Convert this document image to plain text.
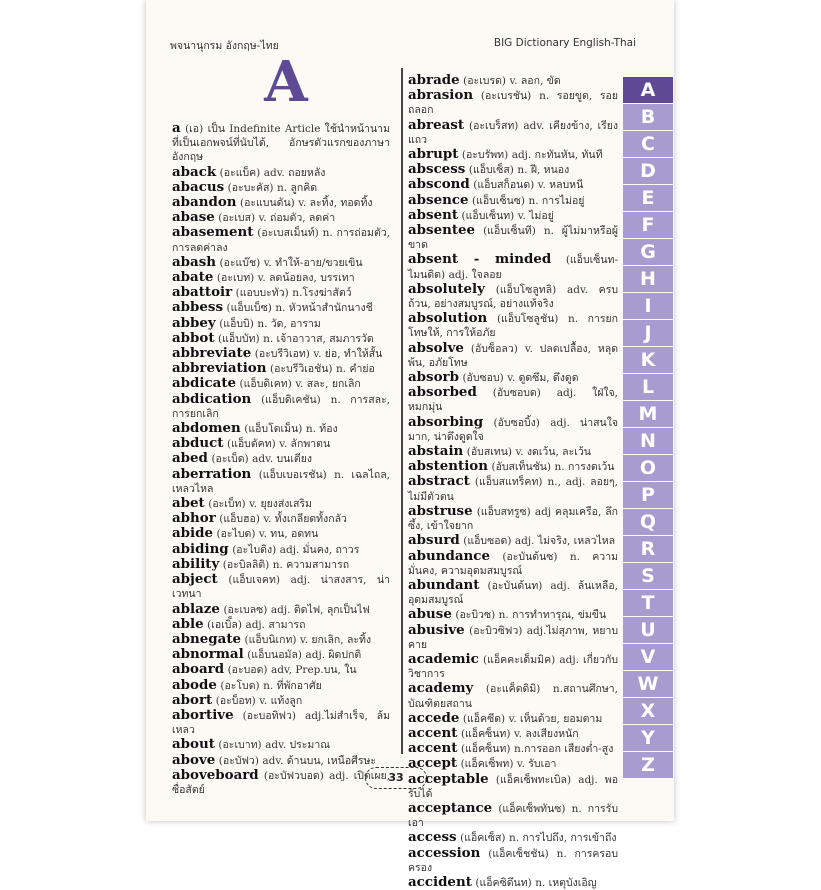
พจนานุกรม อังกฤษ-ไทย	BIG Dictionary English-Thai
A
a (เอ) เป็น Indefinite Article ใช้นำหน้านามที่เป็นเอกพจน์ที่นับได้, อักษรตัวแรกของภาษาอังกฤษ
aback (อะแบ็ค) adv. ถอยหลัง
abacus (อะบะคัส) n. ลูกคิด
abandon (อะแบนดัน) v. ละทิ้ง, ทอดทิ้ง
abase (อะเบส) v. ถ่อมตัว, ลดค่า
abasement (อะเบสเม็นท์) n. การถ่อมตัว, การลดค่าลง
abash (อะแบ๊ช) v. ทำให้-อาย/ขวยเขิน
abate (อะเบท) v. ลดน้อยลง, บรรเทา
abattoir (แอบบะทัว) n.โรงฆ่าสัตว์
abbess (แอ็บเบ็ซ) n. หัวหน้าสำนักนางชี
abbey (แอ็บบิ) n. วัด, อาราม
abbot (แอ็บบัท) n. เจ้าอาวาส, สมภารวัด
abbreviate (อะบรีวิเอท) v. ย่อ, ทำให้สั้น
abbreviation (อะบรีวิเอชัน) n. คำย่อ
abdicate (แอ็บดิเคท) v. สละ, ยกเลิก
abdication (แอ็บดิเคชัน) n. การสละ, การยกเลิก
abdomen (แอ็บโดเม็น) n. ท้อง
abduct (แอ็บดัคท) v. ลักพาตน
abed (อะเบ็ด) adv. บนเตียง
aberration (แอ็บเบอเรชัน) n. เฉลไถล, เหลวไหล
abet (อะเบ็ท) v. ยุยงส่งเสริม
abhor (แอ็บฮอ) v. ทั้งเกลียดทั้งกลัว
abide (อะไบด) v. ทน, อดทน
abiding (อะไบดิง) adj. มั่นคง, ถาวร
ability (อะบิลลิติ) n. ความสามารถ
abject (แอ็บเจคท) adj. น่าสงสาร, น่าเวทนา
ablaze (อะเบลซ) adj. ติดไฟ, ลุกเป็นไฟ
able (เอเบิ็ล) adj. สามารถ
abnegate (แอ็บนิเกท) v. ยกเลิก, ละทิ้ง
abnormal (แอ็บนอมัล) adj. ผิดปกติ
aboard (อะบอด) adv, Prep.บน, ใน
abode (อะโบด) n. ที่พักอาศัย
abort (อะบ็อท) v. แท้งลูก
abortive (อะบอทิฟว) adj.ไม่สำเร็จ, ล้มเหลว
about (อะเบาท) adv. ประมาณ
above (อะบัฟว) adv. ด้านบน, เหนือศีรษะ
aboveboard (อะบัฟวบอด) adj. เปิดเผย, ซื่อสัตย์
abrade (อะเบรด) v. ลอก, ขัด
abrasion (อะเบรชัน) n. รอยขูด, รอยถลอก
abreast (อะเบร็สท) adv. เคียงข้าง, เรียงแถว
abrupt (อะบรัพท) adj. กะทันหัน, ทันที
abscess (แอ็บเซ็ส) n. ฝี, หนอง
abscond (แอ็บสก็อนด) v. หลบหนี
absence (แอ็บเซ็นซ) n. การไม่อยู่
absent (แอ็บเซ็นท) v. ไม่อยู่
absentee (แอ็บเซ็นที) n. ผู้ไม่มาหรือผู้ขาด
absent - minded (แอ็บเซ็นท-ไมนดิด) adj. ใจลอย
absolutely (แอ็บโซลูทลิ) adv. ครบถ้วน, อย่างสมบูรณ์, อย่างแท้จริง
absolution (แอ็บโซลูชัน) n. การยกโทษให้, การให้อภัย
absolve (อับซ็อลว) v. ปลดเปลื้อง, หลุดพ้น, อภัยโทษ
absorb (อับซอบ) v. ดูดซึม, ดึงดูด
absorbed (อับซอบด) adj. ใฝ่ใจ, หมกมุ่น
absorbing (อับซอบิ้ง) adj. น่าสนใจมาก, น่าดึงดูดใจ
abstain (อับสเทน) v. งดเว้น, ละเว้น
abstention (อับสเท็นชัน) n. การงดเว้น
abstract (แอ็บสแทร็คท) n., adj. ลอยๆ, ไม่มีตัวตน
abstruse (แอ็บสทรูซ) adj คลุมเครือ, ลึกซึ้ง, เข้าใจยาก
absurd (แอ็บซอด) adj. ไม่จริง, เหลวไหล
abundance (อะบันด้นซ) n. ความมั่นคง, ความอุดมสมบูรณ์
abundant (อะบันด้นท) adj. ล้นเหลือ, อุดมสมบูรณ์
abuse (อะบิวซ) n. การทำทารุณ, ข่มขืน
abusive (อะบิวซิฟว) adj.ไม่สุภาพ, หยาบคาย
academic (แอ็คคะเด็มมิค) adj. เกี่ยวกับวิชาการ
academy (อะแค็ดดิมิ) n.สถานศึกษา, บัณฑิตยสถาน
accede (แอ็คซีด) v. เห็นด้วย, ยอมตาม
accent (แอ็คซ็นท) v. ลงเสียงหนัก
accent (แอ็คซ็นท) n.การออก เสียงต่ำ-สูง
accept (แอ็คเซ็พท) v. รับเอา
acceptable (แอ็คเซ็พทะเบิล) adj. พอรับได้
acceptance (แอ็คเซ็พทันซ) n. การรับเอา
access (แอ็คเซ็ส) n. การไปถึง, การเข้าถึง
accession (แอ็คเซ็ชชัน) n. การครอบครอง
accident (แอ็คซิดึนท) n. เหตุบังเอิญ
A
B
C
D
E
F
G
H
I
J
K
L
M
N
O
P
Q
R
S
T
U
V
W
X
Y
Z
33
